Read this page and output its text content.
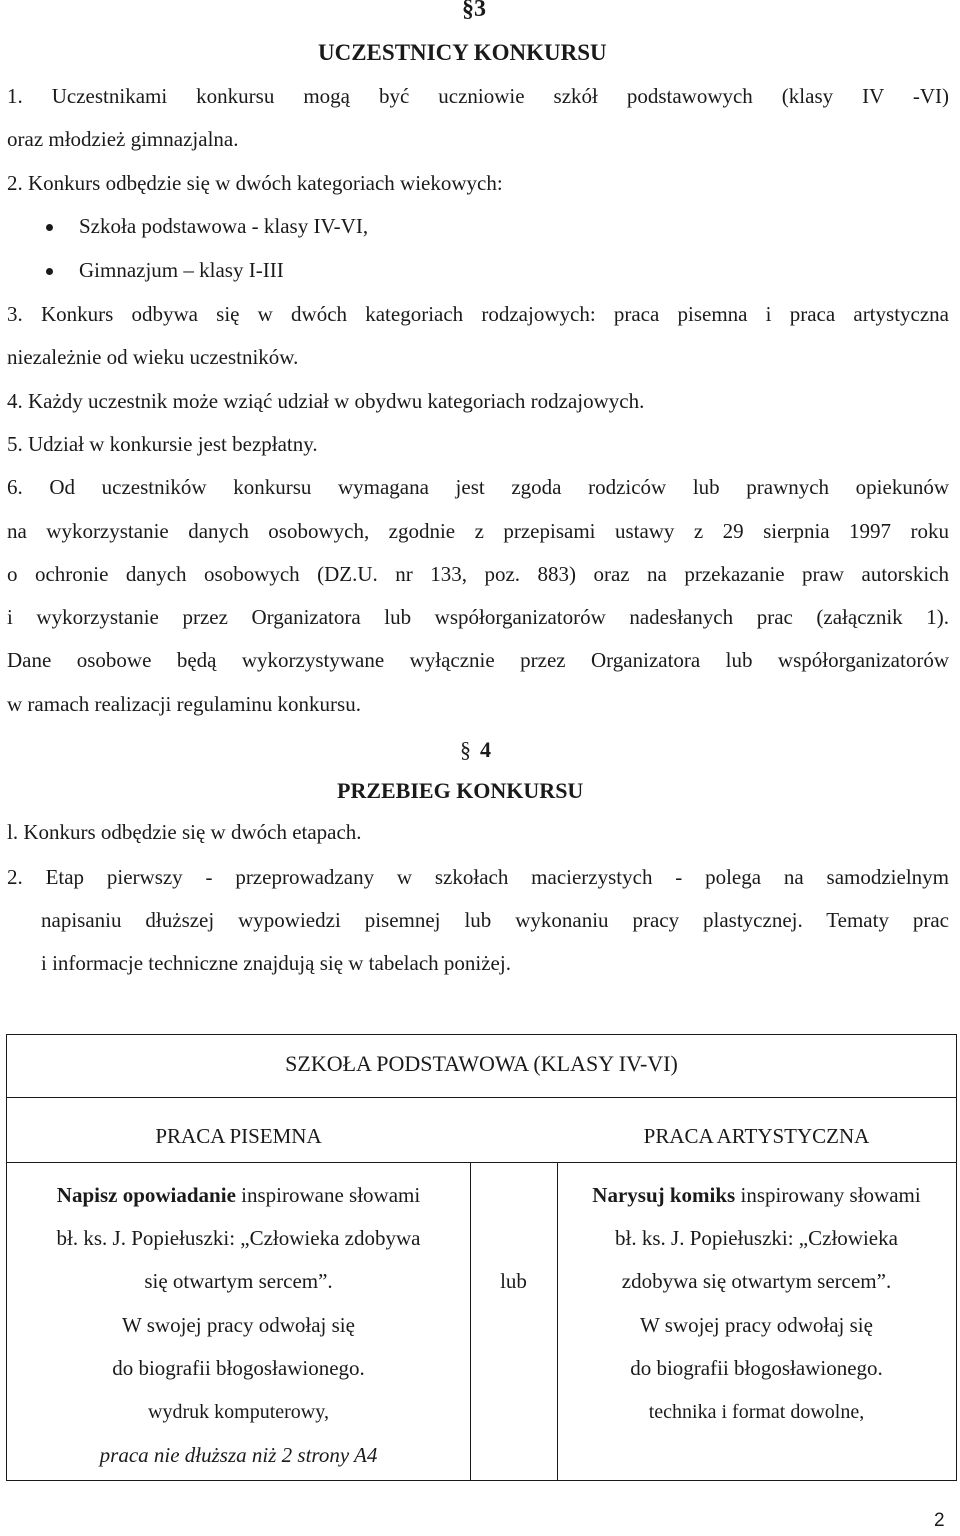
§3
UCZESTNICY KONKURSU
1. Uczestnikami konkursu mogą być uczniowie szkół podstawowych (klasy IV -VI)
oraz młodzież gimnazjalna.
2. Konkurs odbędzie się w dwóch kategoriach wiekowych:
Szkoła podstawowa - klasy IV-VI,
Gimnazjum – klasy I-III
3. Konkurs odbywa się w dwóch kategoriach rodzajowych: praca pisemna i praca artystyczna
niezależnie od wieku uczestników.
4. Każdy uczestnik może wziąć udział w obydwu kategoriach rodzajowych.
5. Udział w konkursie jest bezpłatny.
6. Od uczestników konkursu wymagana jest zgoda rodziców lub prawnych opiekunów
na wykorzystanie danych osobowych, zgodnie z przepisami ustawy z 29 sierpnia 1997 roku
o ochronie danych osobowych (DZ.U. nr 133, poz. 883) oraz na przekazanie praw autorskich
i wykorzystanie przez Organizatora lub współorganizatorów nadesłanych prac (załącznik 1).
Dane osobowe będą wykorzystywane wyłącznie przez Organizatora lub współorganizatorów
w ramach realizacji regulaminu konkursu.
§ 4
PRZEBIEG KONKURSU
l. Konkurs odbędzie się w dwóch etapach.
2. Etap pierwszy - przeprowadzany w szkołach macierzystych - polega na samodzielnym
napisaniu dłuższej wypowiedzi pisemnej lub wykonaniu pracy plastycznej. Tematy prac
i informacje techniczne znajdują się w tabelach poniżej.
SZKOŁA PODSTAWOWA (KLASY IV-VI)
PRACA PISEMNA	PRACA ARTYSTYCZNA
Napisz opowiadanie inspirowane słowami
bł. ks. J. Popiełuszki: „Człowieka zdobywa
się otwartym sercem”.
W swojej pracy odwołaj się
do biografii błogosławionego.
wydruk komputerowy,
praca nie dłuższa niż 2 strony A4
lub
Narysuj komiks inspirowany słowami
bł. ks. J. Popiełuszki: „Człowieka
zdobywa się otwartym sercem”.
W swojej pracy odwołaj się
do biografii błogosławionego.
technika i format dowolne,
2
